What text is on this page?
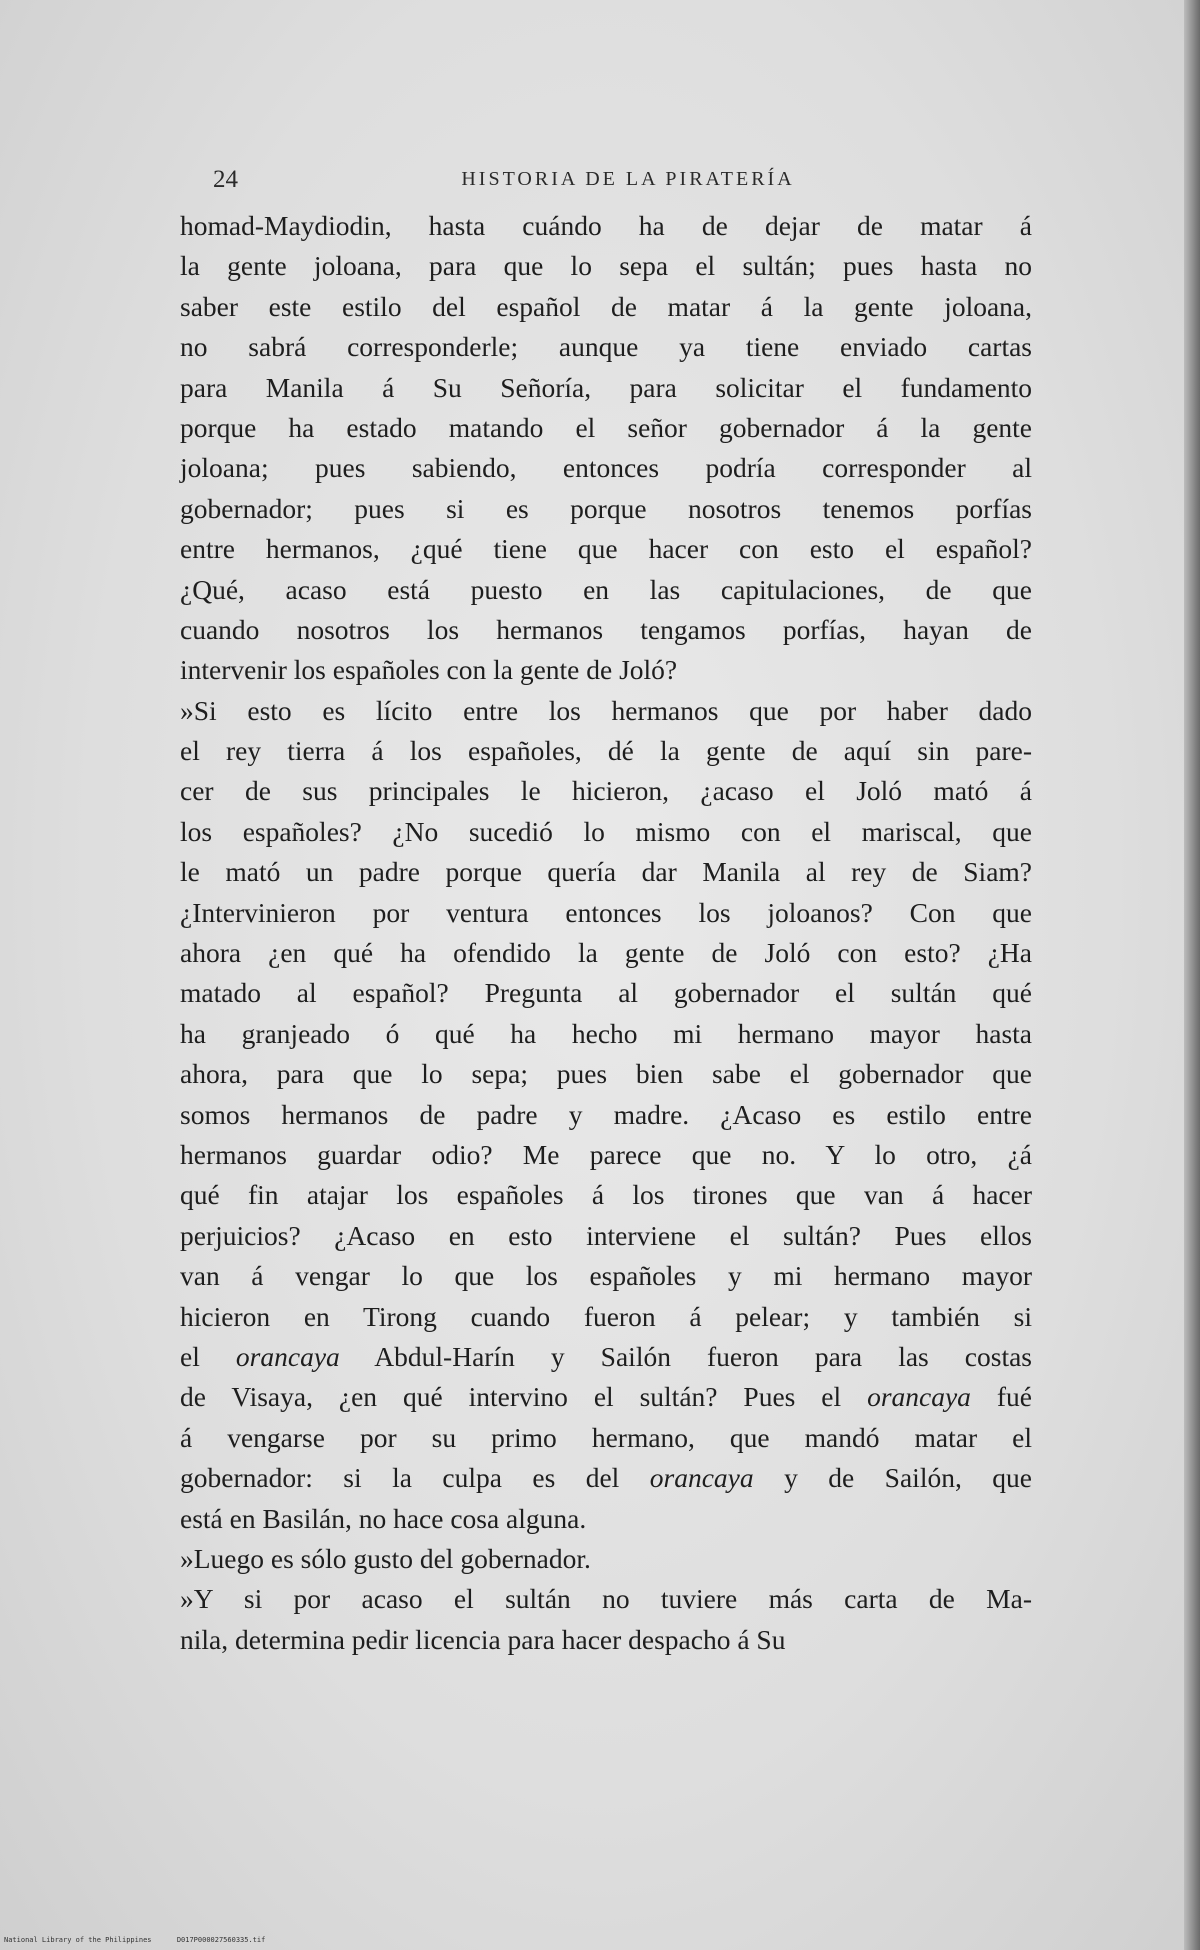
24	HISTORIA DE LA PIRATERÍA
homad-Maydiodin, hasta cuándo ha de dejar de matar á
la gente joloana, para que lo sepa el sultán; pues hasta no
saber este estilo del español de matar á la gente joloana,
no sabrá corresponderle; aunque ya tiene enviado cartas
para Manila á Su Señoría, para solicitar el fundamento
porque ha estado matando el señor gobernador á la gente
joloana; pues sabiendo, entonces podría corresponder al
gobernador; pues si es porque nosotros tenemos porfías
entre hermanos, ¿qué tiene que hacer con esto el español?
¿Qué, acaso está puesto en las capitulaciones, de que
cuando nosotros los hermanos tengamos porfías, hayan de
intervenir los españoles con la gente de Joló?
»Si esto es lícito entre los hermanos que por haber dado
el rey tierra á los españoles, dé la gente de aquí sin pare-
cer de sus principales le hicieron, ¿acaso el Joló mató á
los españoles? ¿No sucedió lo mismo con el mariscal, que
le mató un padre porque quería dar Manila al rey de Siam?
¿Intervinieron por ventura entonces los joloanos? Con que
ahora ¿en qué ha ofendido la gente de Joló con esto? ¿Ha
matado al español? Pregunta al gobernador el sultán qué
ha granjeado ó qué ha hecho mi hermano mayor hasta
ahora, para que lo sepa; pues bien sabe el gobernador que
somos hermanos de padre y madre. ¿Acaso es estilo entre
hermanos guardar odio? Me parece que no. Y lo otro, ¿á
qué fin atajar los españoles á los tirones que van á hacer
perjuicios? ¿Acaso en esto interviene el sultán? Pues ellos
van á vengar lo que los españoles y mi hermano mayor
hicieron en Tirong cuando fueron á pelear; y también si
el orancaya Abdul-Harín y Sailón fueron para las costas
de Visaya, ¿en qué intervino el sultán? Pues el orancaya fué
á vengarse por su primo hermano, que mandó matar el
gobernador: si la culpa es del orancaya y de Sailón, que
está en Basilán, no hace cosa alguna.
»Luego es sólo gusto del gobernador.
»Y si por acaso el sultán no tuviere más carta de Ma-
nila, determina pedir licencia para hacer despacho á Su
National Library of the Philippines	D017P000027560335.tif
